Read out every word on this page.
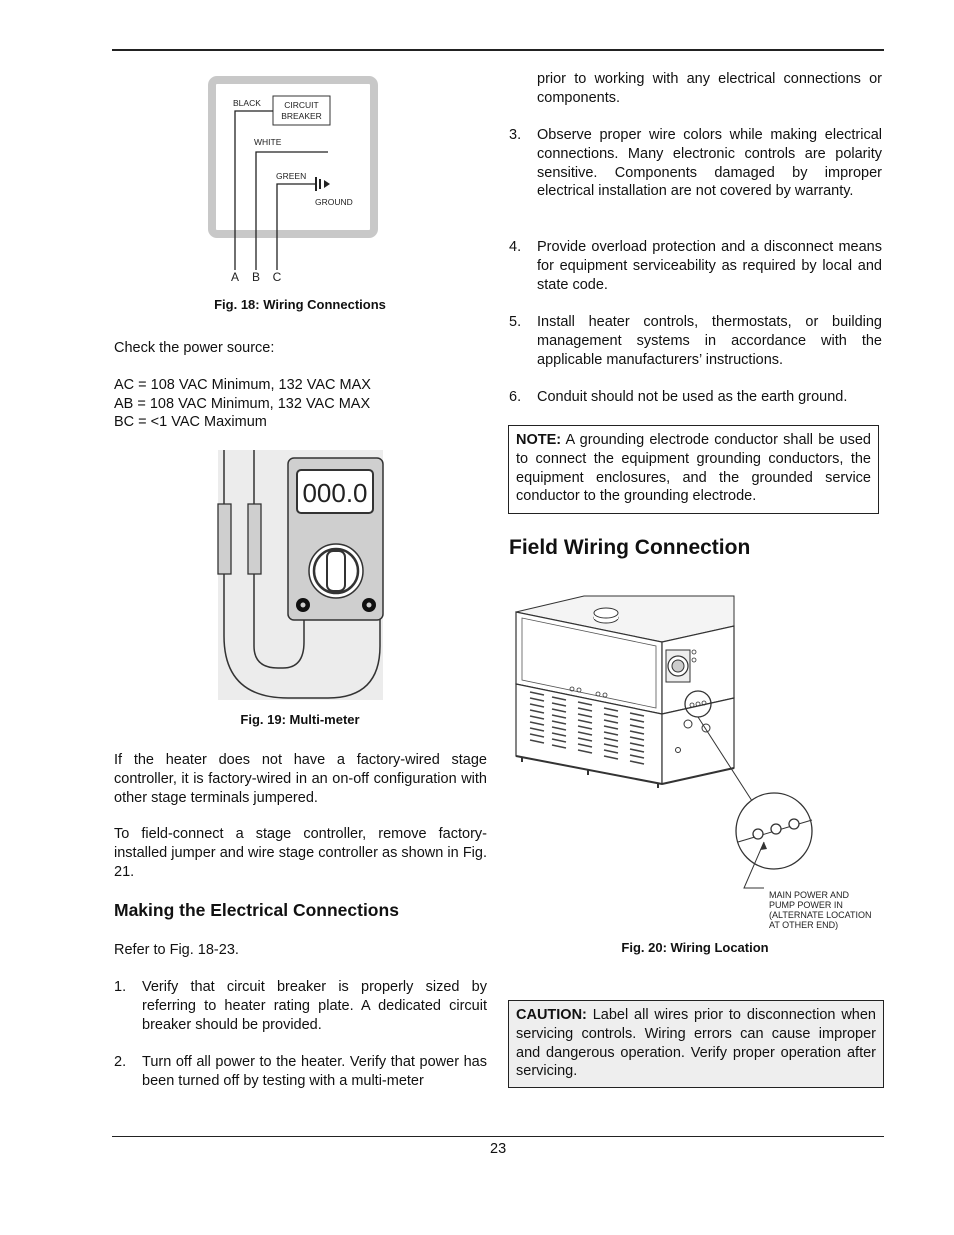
BLACK	CIRCUIT
BREAKER
WHITE
GREEN
GROUND
A B C
Fig. 18: Wiring Connections
Check the power source:
AC = 108 VAC Minimum, 132 VAC MAX
AB = 108 VAC Minimum, 132 VAC MAX
BC = <1 VAC Maximum
000.0
Fig. 19: Multi-meter
If the heater does not have a factory-wired stage controller, it is factory-wired in an on-off configuration with other stage terminals jumpered.
To field-connect a stage controller, remove factory-installed jumper and wire stage controller as shown in Fig. 21.
Making the Electrical Connections
Refer to Fig. 18-23.
1. Verify that circuit breaker is properly sized by referring to heater rating plate. A dedicated circuit breaker should be provided.
2. Turn off all power to the heater. Verify that power has been turned off by testing with a multi-meter
prior to working with any electrical connections or components.
3. Observe proper wire colors while making electrical connections. Many electronic controls are polarity sensitive. Components damaged by improper electrical installation are not covered by warranty.
4. Provide overload protection and a disconnect means for equipment serviceability as required by local and state code.
5. Install heater controls, thermostats, or building management systems in accordance with the applicable manufacturers’ instructions.
6. Conduit should not be used as the earth ground.
NOTE: A grounding electrode conductor shall be used to connect the equipment grounding conductors, the equipment enclosures, and the grounded service conductor to the grounding electrode.
Field Wiring Connection
MAIN POWER AND
PUMP POWER IN
(ALTERNATE LOCATION
AT OTHER END)
Fig. 20: Wiring Location
CAUTION: Label all wires prior to disconnection when servicing controls. Wiring errors can cause improper and dangerous operation. Verify proper operation after servicing.
23
